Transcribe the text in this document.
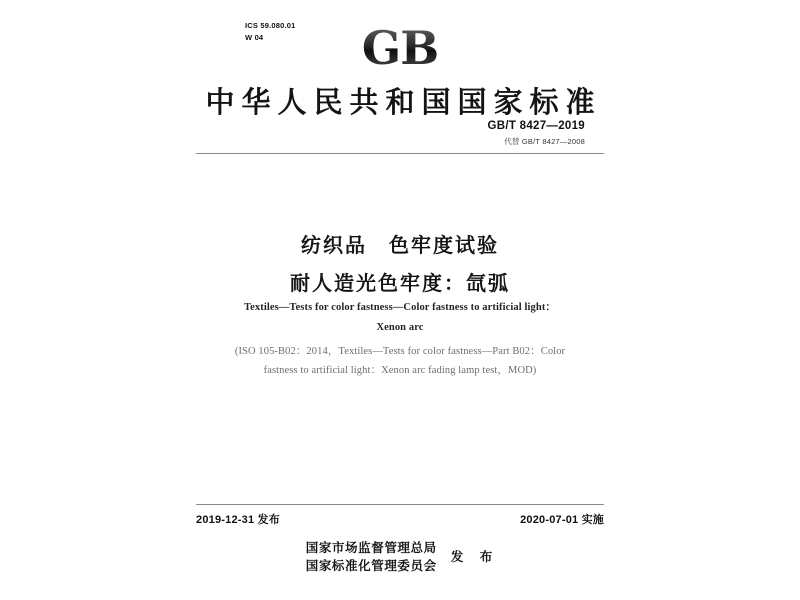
ICS 59.080.01
W 04	GB
中华人民共和国国家标准
GB/T 8427—2019
代替 GB/T 8427—2008
纺织品　色牢度试验
耐人造光色牢度：氙弧
Textiles—Tests for color fastness—Color fastness to artificial light：
Xenon arc
(ISO 105-B02：2014，Textiles—Tests for color fastness—Part B02：Color
fastness to artificial light：Xenon arc fading lamp test，MOD)
2019-12-31 发布	2020-07-01 实施
国家市场监督管理总局
国家标准化管理委员会
发　布
